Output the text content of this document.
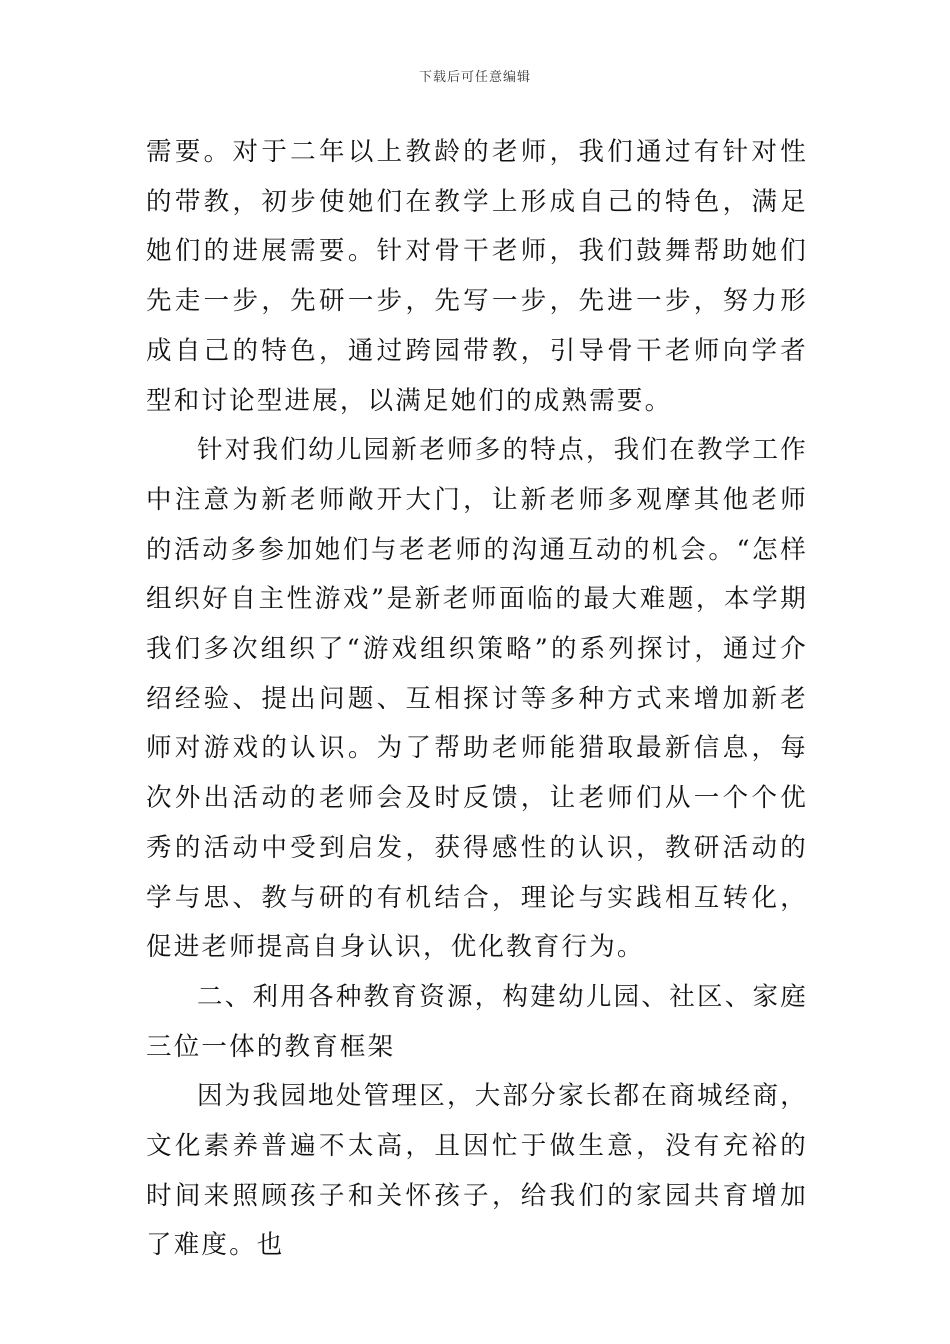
下载后可任意编辑

需要。对于二年以上教龄的老师，我们通过有针对性的带教，初步使她们在教学上形成自己的特色，满足她们的进展需要。针对骨干老师，我们鼓舞帮助她们先走一步，先研一步，先写一步，先进一步，努力形成自己的特色，通过跨园带教，引导骨干老师向学者型和讨论型进展，以满足她们的成熟需要。

针对我们幼儿园新老师多的特点，我们在教学工作中注意为新老师敞开大门，让新老师多观摩其他老师的活动多参加她们与老老师的沟通互动的机会。“怎样组织好自主性游戏”是新老师面临的最大难题，本学期我们多次组织了“游戏组织策略”的系列探讨，通过介绍经验、提出问题、互相探讨等多种方式来增加新老师对游戏的认识。为了帮助老师能猎取最新信息，每次外出活动的老师会及时反馈，让老师们从一个个优秀的活动中受到启发，获得感性的认识，教研活动的学与思、教与研的有机结合，理论与实践相互转化，促进老师提高自身认识，优化教育行为。

二、利用各种教育资源，构建幼儿园、社区、家庭三位一体的教育框架

因为我园地处管理区，大部分家长都在商城经商，文化素养普遍不太高，且因忙于做生意，没有充裕的时间来照顾孩子和关怀孩子，给我们的家园共育增加了难度。也
